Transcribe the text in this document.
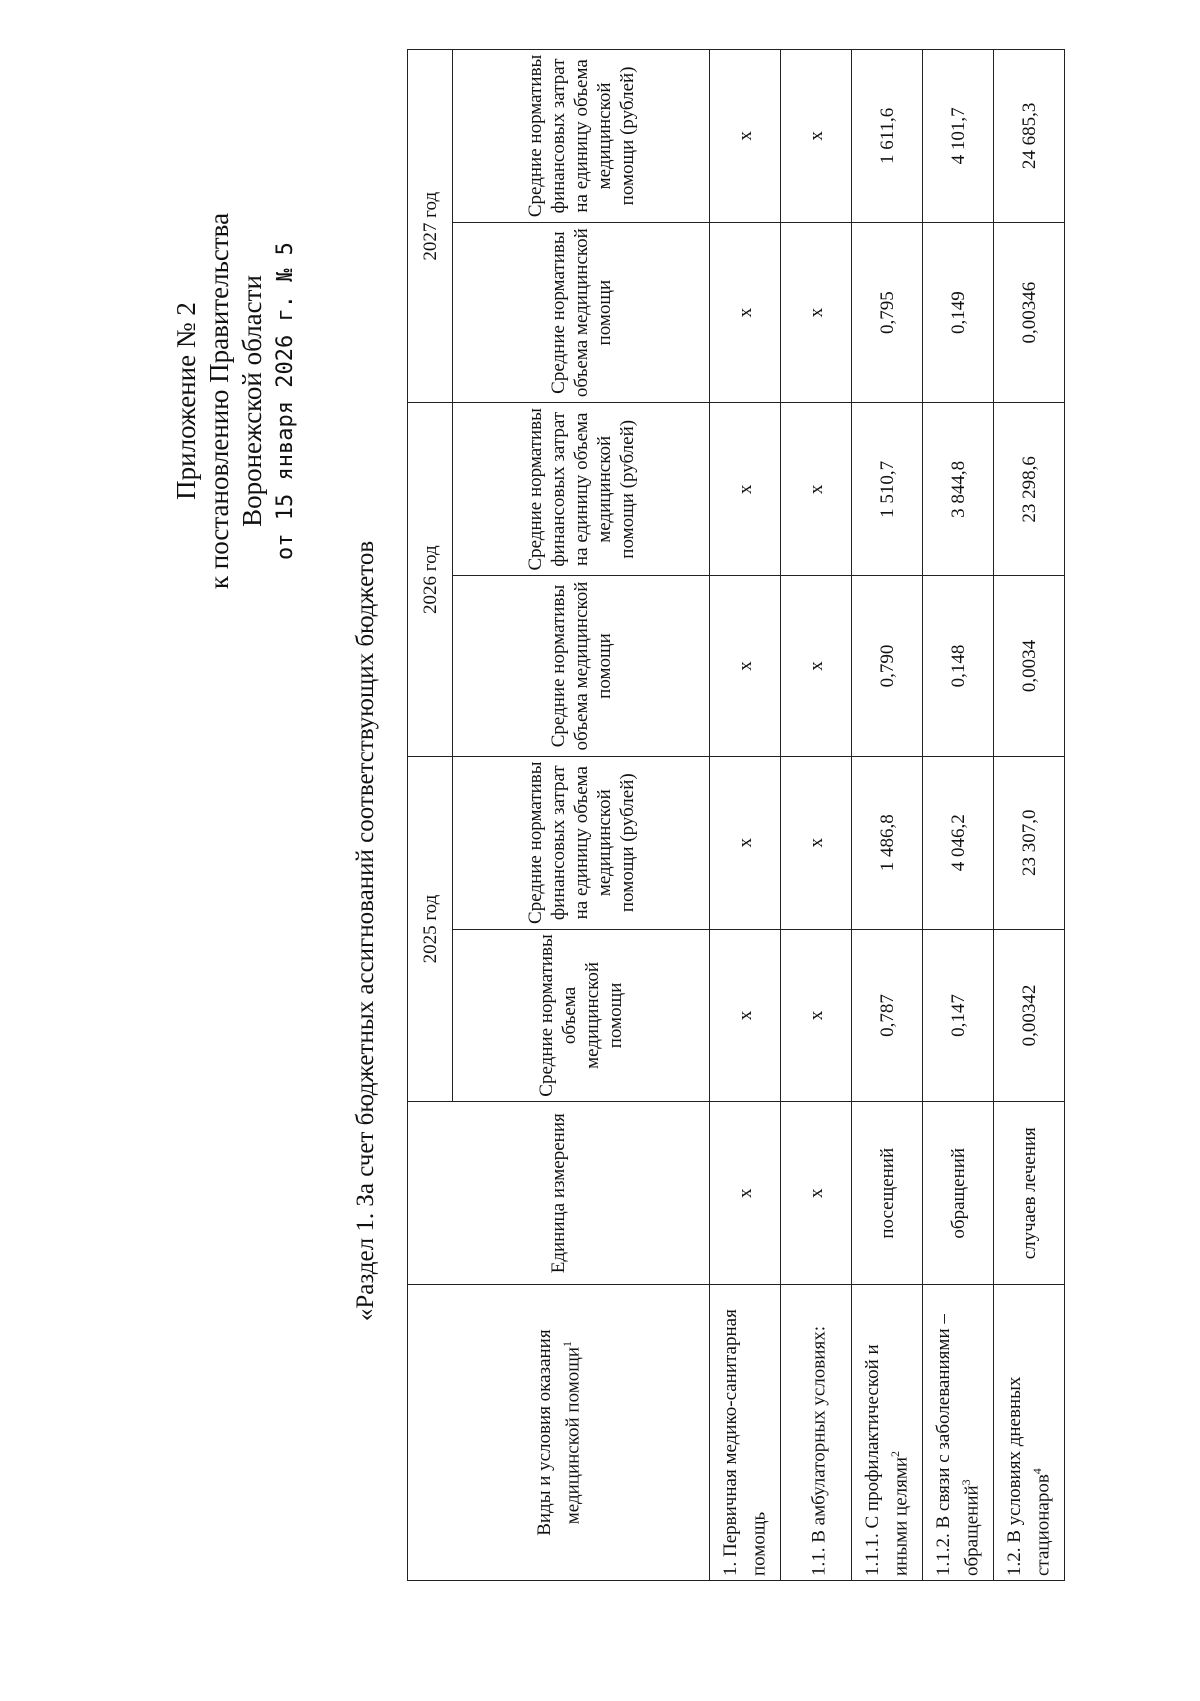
Приложение № 2 к постановлению Правительства Воронежской области от 15 января 2026 г. № 5
«Раздел 1. За счет бюджетных ассигнований соответствующих бюджетов
Виды и условия оказания медицинской помощи$^1$	Единица измерения	2025 год		2026 год		2027 год	
		Средние нормативы объема медицинской помощи	Средние нормативы финансовых затрат на единицу объема медицинской помощи (рублей)	Средние нормативы объема медицинской помощи	Средние нормативы финансовых затрат на единицу объема медицинской помощи (рублей)	Средние нормативы объема медицинской помощи	Средние нормативы финансовых затрат на единицу объема медицинской помощи (рублей)
1. Первичная медико-санитарная помощь	х	х	х	х	х	х	х
1.1. В амбулаторных условиях:	х	х	х	х	х	х	х
1.1.1. С профилактической и иными целями$^2$	посещений	0,787	1 486,8	0,790	1 510,7	0,795	1 611,6
1.1.2. В связи с заболеваниями – обращений$^3$	обращений	0,147	4 046,2	0,148	3 844,8	0,149	4 101,7
1.2. В условиях дневных стационаров$^4$	случаев лечения	0,00342	23 307,0	0,0034	23 298,6	0,00346	24 685,3
